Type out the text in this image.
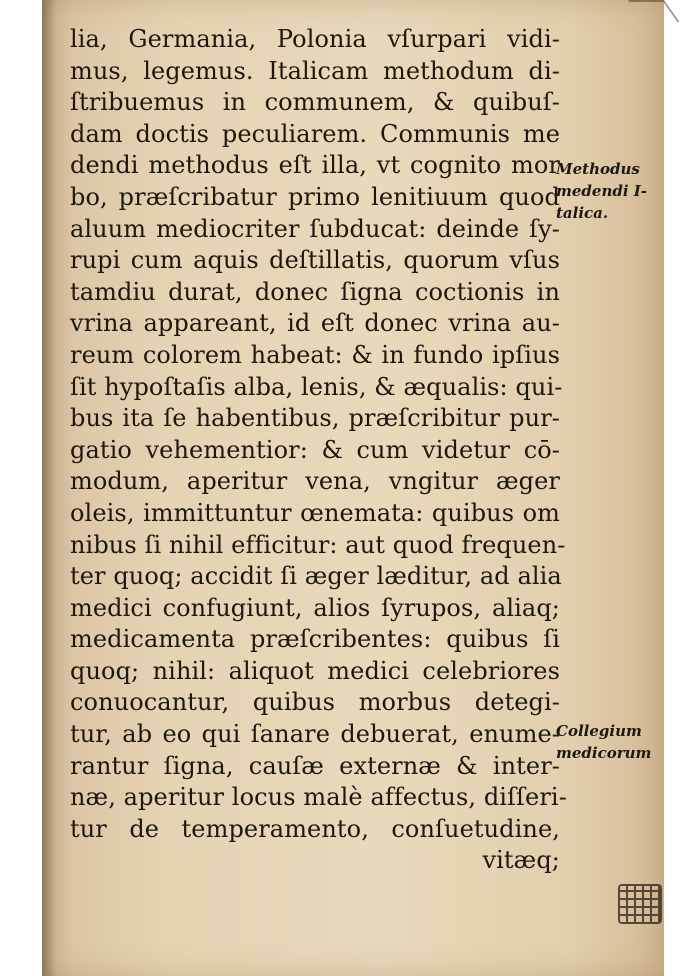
lia, Germania, Polonia vſurpari vidi-
mus, legemus. Italicam methodum di-
ſtribuemus in communem, & quibuſ-
dam doctis peculiarem. Communis me
dendi methodus eſt illa, vt cognito mor
bo, præſcribatur primo lenitiuum quod
aluum mediocriter ſubducat: deinde ſy-
rupi cum aquis deſtillatis, quorum vſus
tamdiu durat, donec ſigna coctionis in
vrina appareant, id eſt donec vrina au-
reum colorem habeat: & in fundo ipſius
ſit hypoſtaſis alba, lenis, & æqualis: qui-
bus ita ſe habentibus, præſcribitur pur-
gatio vehementior: & cum videtur cō-
modum, aperitur vena, vngitur æger
oleis, immittuntur œnemata: quibus om
nibus ſi nihil efficitur: aut quod frequen-
ter quoq; accidit ſi æger læditur, ad alia
medici confugiunt, alios ſyrupos, aliaq;
medicamenta præſcribentes: quibus ſi
quoq; nihil: aliquot medici celebriores
conuocantur, quibus morbus detegi-
tur, ab eo qui ſanare debuerat, enume-
rantur ſigna, cauſæ externæ & inter-
næ, aperitur locus malè affectus, diſſeri-
tur de temperamento, conſuetudine,
vitæq;
Methodus
medendi I-
talica.
Collegium
medicorum
